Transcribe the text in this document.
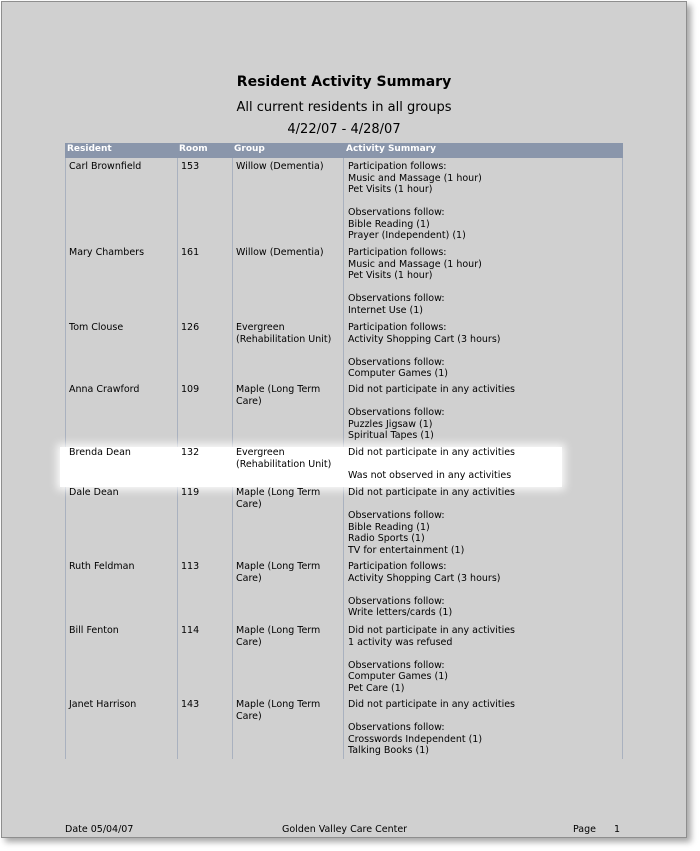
Resident Activity Summary
All current residents in all groups
4/22/07 - 4/28/07
Resident	Room	Group	Activity Summary
Carl Brownfield	153	Willow (Dementia)	Participation follows:
Music and Massage (1 hour)
Pet Visits (1 hour)
Observations follow:
Bible Reading (1)
Prayer (Independent) (1)
Mary Chambers	161	Willow (Dementia)	Participation follows:
Music and Massage (1 hour)
Pet Visits (1 hour)
Observations follow:
Internet Use (1)
Tom Clouse	126	Evergreen (Rehabilitation Unit)
Participation follows:
Activity Shopping Cart (3 hours)
Observations follow:
Computer Games (1)
Anna Crawford	109	Maple (Long Term Care)
Did not participate in any activities
Observations follow:
Puzzles Jigsaw (1)
Spiritual Tapes (1)
Brenda Dean	132	Evergreen (Rehabilitation Unit)
Did not participate in any activities
Was not observed in any activities
Dale Dean	119	Maple (Long Term Care)
Did not participate in any activities
Observations follow:
Bible Reading (1)
Radio Sports (1)
TV for entertainment (1)
Ruth Feldman	113	Maple (Long Term Care)
Participation follows:
Activity Shopping Cart (3 hours)
Observations follow:
Write letters/cards (1)
Bill Fenton	114	Maple (Long Term Care)
Did not participate in any activities
1 activity was refused
Observations follow:
Computer Games (1)
Pet Care (1)
Janet Harrison	143	Maple (Long Term Care)
Did not participate in any activities
Observations follow:
Crosswords Independent (1)
Talking Books (1)
Date 05/04/07	Golden Valley Care Center	Page 1
